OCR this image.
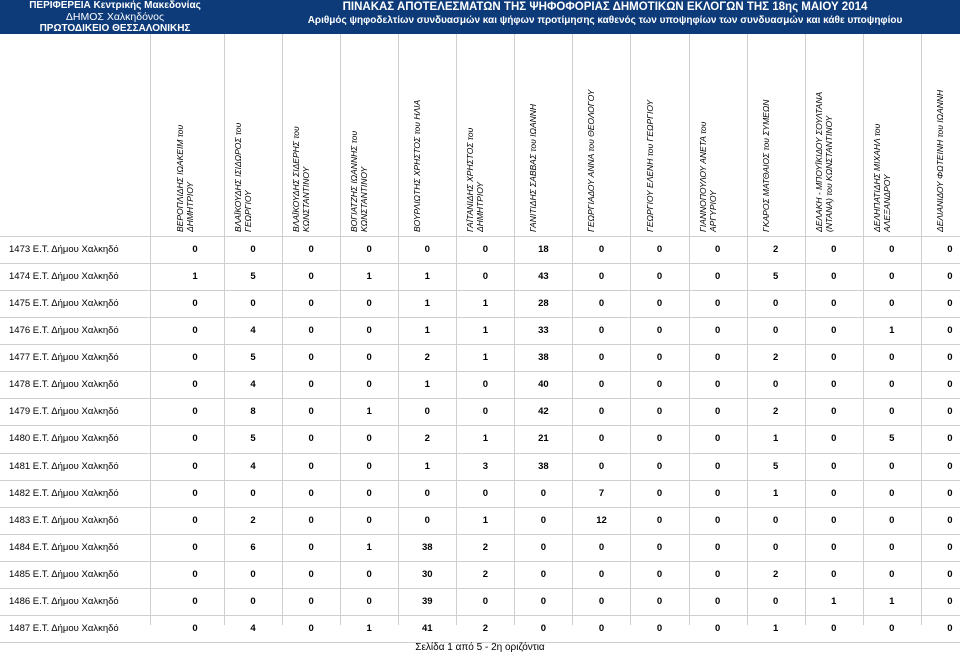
ΠΕΡΙΦΕΡΕΙΑ Κεντρικής Μακεδονίας
ΔΗΜΟΣ Χαλκηδόνος
ΠΡΩΤΟΔΙΚΕΙΟ ΘΕΣΣΑΛΟΝΙΚΗΣ
ΠΙΝΑΚΑΣ ΑΠΟΤΕΛΕΣΜΑΤΩΝ ΤΗΣ ΨΗΦΟΦΟΡΙΑΣ ΔΗΜΟΤΙΚΩΝ ΕΚΛΟΓΩΝ ΤΗΣ 18ης ΜΑΙΟΥ 2014
Αριθμός ψηφοδελτίων συνδυασμών και ψήφων προτίμησης καθενός των υποψηφίων των συνδυασμών και κάθε υποψηφίου
ΒΕΡΟΠΛΙΔΗΣ ΙΩΑΚΕΙΜ του ΔΗΜΗΤΡΙΟΥ	ΒΛΑΪΚΟΥΔΗΣ ΙΣΙΔΩΡΟΣ του ΓΕΩΡΓΙΟΥ	ΒΛΑΪΚΟΥΔΗΣ ΣΙΔΕΡΗΣ του ΚΩΝΣΤΑΝΤΙΝΟΥ	ΒΟΓΙΑΤΖΗΣ ΙΩΑΝΝΗΣ του ΚΩΝΣΤΑΝΤΙΝΟΥ	ΒΟΥΡΛΙΩΤΗΣ ΧΡΗΣΤΟΣ του ΗΛΙΑ	ΓΑΪΤΑΝΙΔΗΣ ΧΡΗΣΤΟΣ του ΔΗΜΗΤΡΙΟΥ	ΓΑΝΙΤΙΔΗΣ ΣΑΒΒΑΣ του ΙΩΑΝΝΗ	ΓΕΩΡΓΙΑΔΟΥ ΑΝΝΑ του ΘΕΟΛΟΓΟΥ	ΓΕΩΡΓΙΟΥ ΕΛΕΝΗ του ΓΕΩΡΓΙΟΥ	ΓΙΑΝΝΟΠΟΥΛΟΥ ΑΝΕΤΑ του ΑΡΓΥΡΙΟΥ	ΓΚΑΡΟΣ ΜΑΤΘΑΙΟΣ του ΣΥΜΕΩΝ	ΔΕΛΑΚΗ - ΜΠΟΥΪΚΙΔΟΥ ΣΟΥΛΤΑΝΑ (ΝΤΑΝΑ) του ΚΩΝΣΤΑΝΤΙΝΟΥ	ΔΕΛΗΠΑΤΙΔΗΣ ΜΙΧΑΗΛ του ΑΛΕΞΑΝΔΡΟΥ	ΔΕΛΙΑΝΙΔΟΥ ΦΩΤΕΙΝΗ του ΙΩΑΝΝΗ
1473 Ε.Τ. Δήμου Χαλκηδό	0	0	0	0	0	0	18	0	0	0	2	0	0	0
1474 Ε.Τ. Δήμου Χαλκηδό	1	5	0	1	1	0	43	0	0	0	5	0	0	0
1475 Ε.Τ. Δήμου Χαλκηδό	0	0	0	0	1	1	28	0	0	0	0	0	0	0
1476 Ε.Τ. Δήμου Χαλκηδό	0	4	0	0	1	1	33	0	0	0	0	0	1	0
1477 Ε.Τ. Δήμου Χαλκηδό	0	5	0	0	2	1	38	0	0	0	2	0	0	0
1478 Ε.Τ. Δήμου Χαλκηδό	0	4	0	0	1	0	40	0	0	0	0	0	0	0
1479 Ε.Τ. Δήμου Χαλκηδό	0	8	0	1	0	0	42	0	0	0	2	0	0	0
1480 Ε.Τ. Δήμου Χαλκηδό	0	5	0	0	2	1	21	0	0	0	1	0	5	0
1481 Ε.Τ. Δήμου Χαλκηδό	0	4	0	0	1	3	38	0	0	0	5	0	0	0
1482 Ε.Τ. Δήμου Χαλκηδό	0	0	0	0	0	0	0	7	0	0	1	0	0	0
1483 Ε.Τ. Δήμου Χαλκηδό	0	2	0	0	0	1	0	12	0	0	0	0	0	0
1484 Ε.Τ. Δήμου Χαλκηδό	0	6	0	1	38	2	0	0	0	0	0	0	0	0
1485 Ε.Τ. Δήμου Χαλκηδό	0	0	0	0	30	2	0	0	0	0	2	0	0	0
1486 Ε.Τ. Δήμου Χαλκηδό	0	0	0	0	39	0	0	0	0	0	0	1	1	0
1487 Ε.Τ. Δήμου Χαλκηδό	0	4	0	1	41	2	0	0	0	0	1	0	0	0
Σελίδα 1 από 5 - 2η οριζόντια
